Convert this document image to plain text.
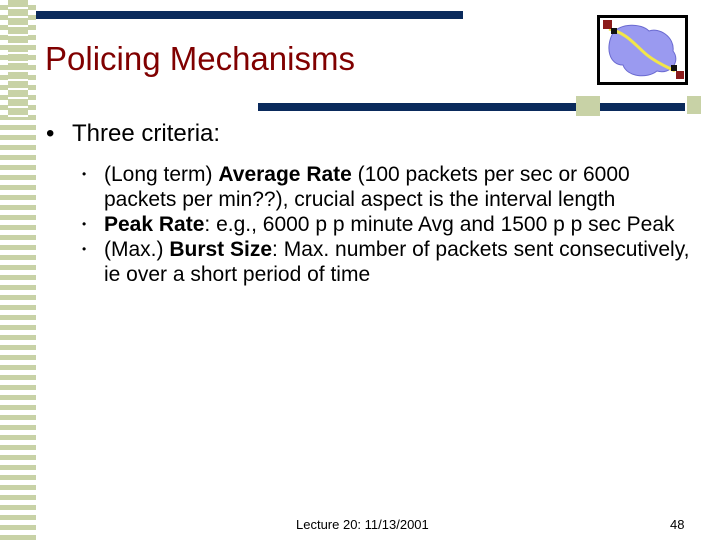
Policing Mechanisms
• Three criteria:
• (Long term) Average Rate (100 packets per sec or 6000 packets per min??), crucial aspect is the interval length
• Peak Rate: e.g., 6000 p p minute Avg and 1500 p p sec Peak
• (Max.) Burst Size: Max. number of packets sent consecutively, ie over a short period of time
Lecture 20: 11/13/2001	48
